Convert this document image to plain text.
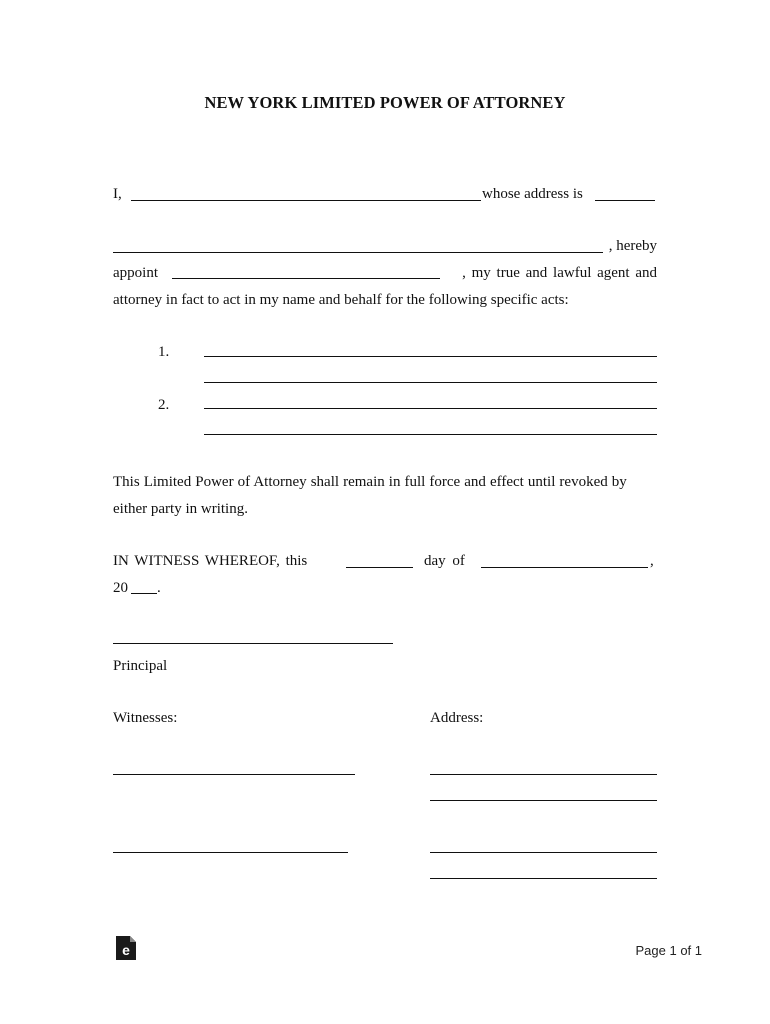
NEW YORK LIMITED POWER OF ATTORNEY
I,	whose address is
, hereby
appoint	, my true and lawful agent and
attorney in fact to act in my name and behalf for the following specific acts:
1.
2.
This Limited Power of Attorney shall remain in full force and effect until revoked by
either party in writing.
IN WITNESS WHEREOF, this	day of	,
20 .
Principal
Witnesses:	Address:
e	Page 1 of 1
